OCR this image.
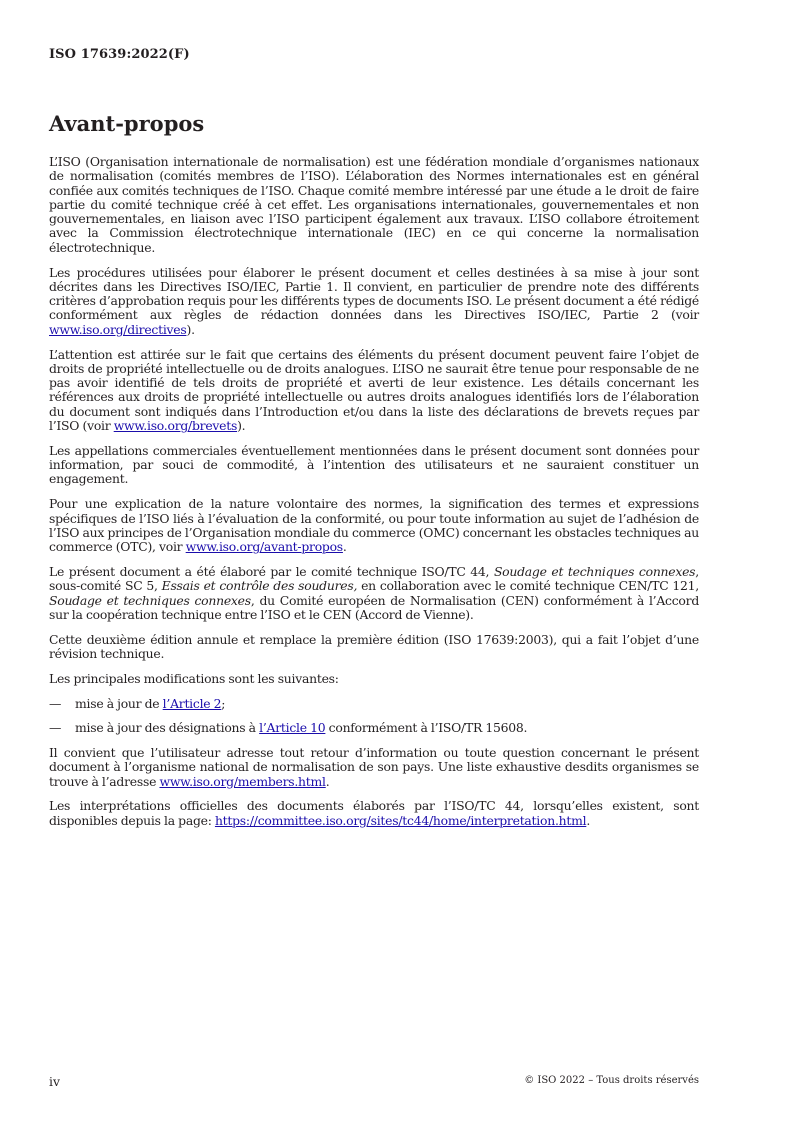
ISO 17639:2022(F)

Avant-propos

L’ISO (Organisation internationale de normalisation) est une fédération mondiale d’organismes nationaux de normalisation (comités membres de l’ISO). L’élaboration des Normes internationales est en général confiée aux comités techniques de l’ISO. Chaque comité membre intéressé par une étude a le droit de faire partie du comité technique créé à cet effet. Les organisations internationales, gouvernementales et non gouvernementales, en liaison avec l’ISO participent également aux travaux. L’ISO collabore étroitement avec la Commission électrotechnique internationale (IEC) en ce qui concerne la normalisation électrotechnique.

Les procédures utilisées pour élaborer le présent document et celles destinées à sa mise à jour sont décrites dans les Directives ISO/IEC, Partie 1. Il convient, en particulier de prendre note des différents critères d’approbation requis pour les différents types de documents ISO. Le présent document a été rédigé conformément aux règles de rédaction données dans les Directives ISO/IEC, Partie 2 (voir www.iso.org/directives).

L’attention est attirée sur le fait que certains des éléments du présent document peuvent faire l’objet de droits de propriété intellectuelle ou de droits analogues. L’ISO ne saurait être tenue pour responsable de ne pas avoir identifié de tels droits de propriété et averti de leur existence. Les détails concernant les références aux droits de propriété intellectuelle ou autres droits analogues identifiés lors de l’élaboration du document sont indiqués dans l’Introduction et/ou dans la liste des déclarations de brevets reçues par l’ISO (voir www.iso.org/brevets).

Les appellations commerciales éventuellement mentionnées dans le présent document sont données pour information, par souci de commodité, à l’intention des utilisateurs et ne sauraient constituer un engagement.

Pour une explication de la nature volontaire des normes, la signification des termes et expressions spécifiques de l’ISO liés à l’évaluation de la conformité, ou pour toute information au sujet de l’adhésion de l’ISO aux principes de l’Organisation mondiale du commerce (OMC) concernant les obstacles techniques au commerce (OTC), voir www.iso.org/avant-propos.

Le présent document a été élaboré par le comité technique ISO/TC 44, Soudage et techniques connexes, sous-comité SC 5, Essais et contrôle des soudures, en collaboration avec le comité technique CEN/TC 121, Soudage et techniques connexes, du Comité européen de Normalisation (CEN) conformément à l’Accord sur la coopération technique entre l’ISO et le CEN (Accord de Vienne).

Cette deuxième édition annule et remplace la première édition (ISO 17639:2003), qui a fait l’objet d’une révision technique.

Les principales modifications sont les suivantes:

—	mise à jour de l’Article 2;
—	mise à jour des désignations à l’Article 10 conformément à l’ISO/TR 15608.

Il convient que l’utilisateur adresse tout retour d’information ou toute question concernant le présent document à l’organisme national de normalisation de son pays. Une liste exhaustive desdits organismes se trouve à l’adresse www.iso.org/members.html.

Les interprétations officielles des documents élaborés par l’ISO/TC 44, lorsqu’elles existent, sont disponibles depuis la page: https://committee.iso.org/sites/tc44/home/interpretation.html.

iv	© ISO 2022 – Tous droits réservés
